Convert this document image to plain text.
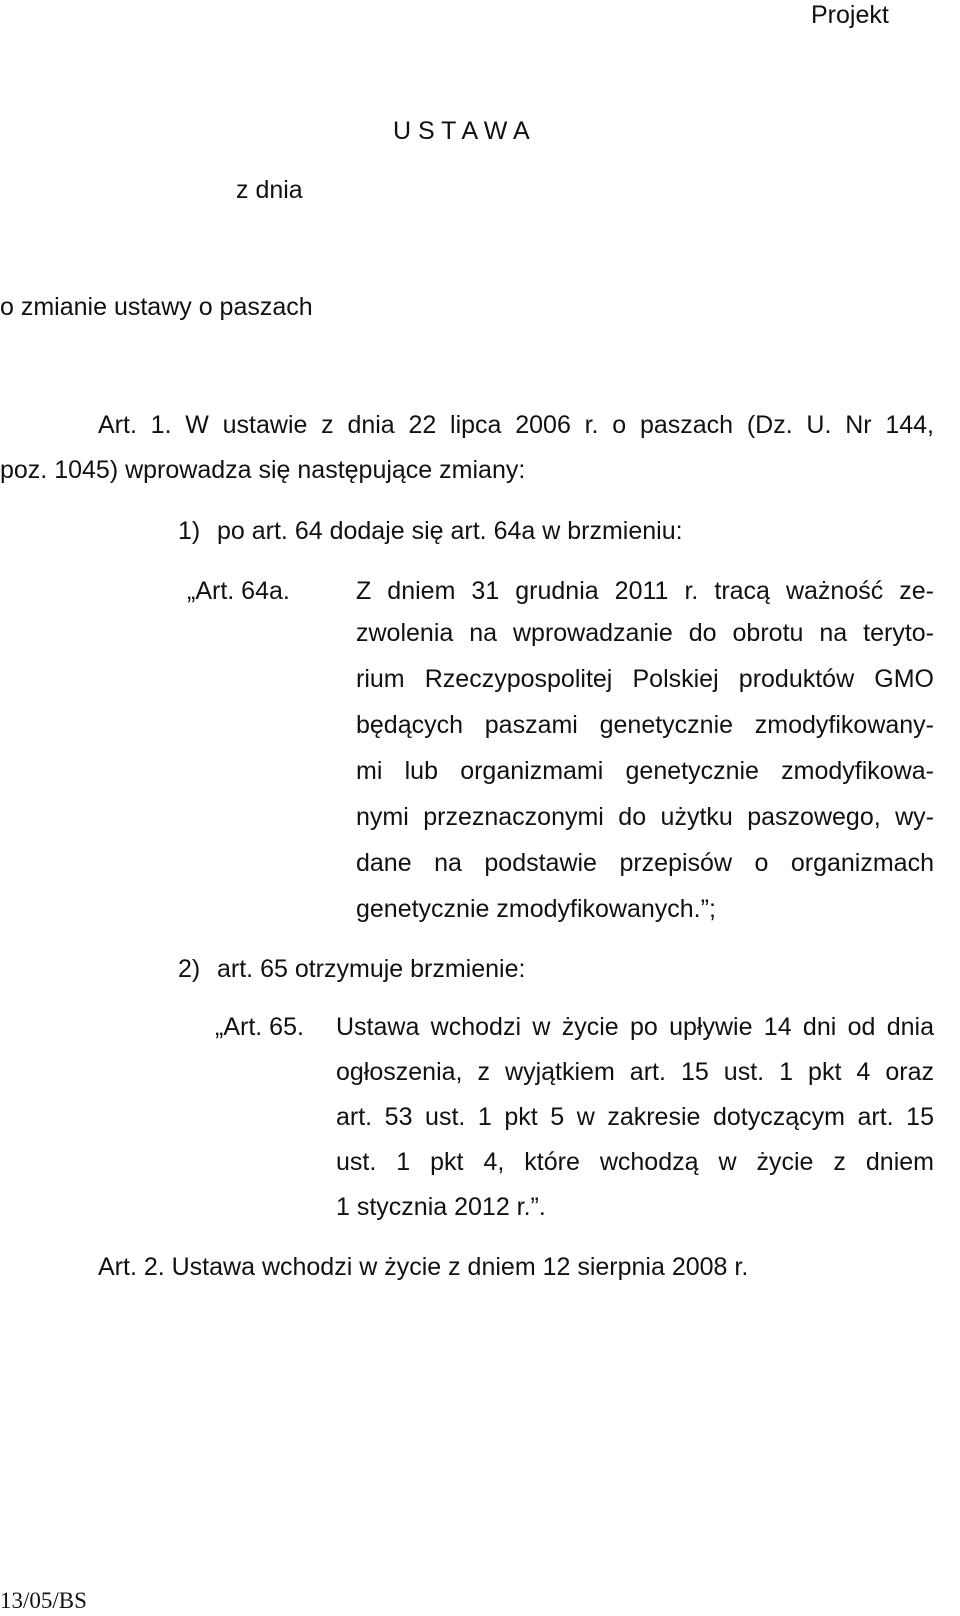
Projekt
U S T A W A
z dnia
o zmianie ustawy o paszach
Art. 1. W ustawie z dnia 22 lipca 2006 r. o paszach (Dz. U. Nr 144,
poz. 1045) wprowadza się następujące zmiany:
1) po art. 64 dodaje się art. 64a w brzmieniu:
„Art. 64a.	Z dniem 31 grudnia 2011 r. tracą ważność ze-
zwolenia na wprowadzanie do obrotu na teryto-
rium Rzeczypospolitej Polskiej produktów GMO
będących paszami genetycznie zmodyfikowany-
mi lub organizmami genetycznie zmodyfikowa-
nymi przeznaczonymi do użytku paszowego, wy-
dane na podstawie przepisów o organizmach
genetycznie zmodyfikowanych.”;
2) art. 65 otrzymuje brzmienie:
„Art. 65. Ustawa wchodzi w życie po upływie 14 dni od dnia
ogłoszenia, z wyjątkiem art. 15 ust. 1 pkt 4 oraz
art. 53 ust. 1 pkt 5 w zakresie dotyczącym art. 15
ust. 1 pkt 4, które wchodzą w życie z dniem
1 stycznia 2012 r.”.
Art. 2. Ustawa wchodzi w życie z dniem 12 sierpnia 2008 r.
13/05/BS
